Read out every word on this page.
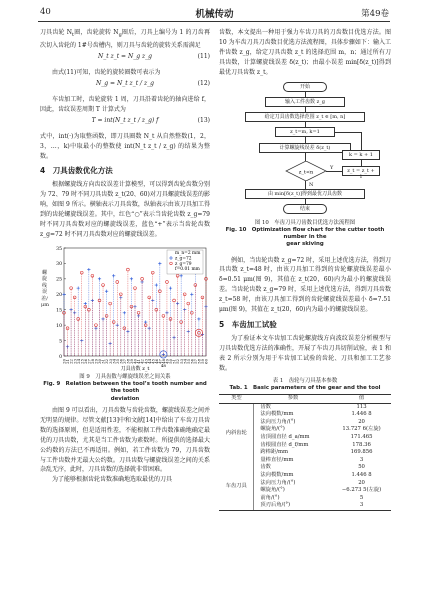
40	机械传动	第49卷

刀具齿轮 $N_t$圈，齿轮旋转 $N_g$圈后，刀具上编号为 1 的刀齿再次切入齿轮的 1#号齿槽内，则刀具与齿轮的旋转关系需满足

N_t z_t = N_g z_g	(11)

由式(11)可知，齿轮的旋转圈数可表示为

N_g = N_t z_t / z_g	(12)

车齿加工时，齿轮旋转 1 周，刀具沿着齿轮的轴向进给 f，因此，齿纹误差周期 T 计算式为

T = int(N_t z_t / z_g) f	(13)

式中，int(·)为取整函数，即刀具圈数 N_t 从自然整数(1，2，3，…，k)中取最小的整数使 int(N_t z_t / z_g) 的结果为整数。

4　刀具齿数优化方法

根据螺旋线方向齿纹误差计算模型，可以得到齿轮齿数分别为 72、79 时不同刀具齿数 z_t(20、60)对刀具螺旋线误差的影响，如图 9 所示。横轴表示刀具齿数，纵轴表示由该刀具加工得到的齿轮螺旋线误差。其中，红色“○”表示当齿轮齿数 z_g=79 时不同刀具齿数对应的螺旋线误差，蓝色“+”表示当齿轮齿数 z_g=72 时不同刀具齿数对应的螺旋线误差。

0
5
10
15
20
25
30
35
20
21
22
23
24
25
26
27
28
29
30
31
32
33
34
35
36
37
38
39
40
41
42
43
44
45
46
47
48
49
50
51
52
53
54
55
56
57
58
59
60
刀具齿数 z_t
48
m_n=2 mm
z_g=72
z_g=79
f=0.01 mm
螺旋线误差/μm
图 9　刀具齿数与螺旋线误差之间关系
Fig. 9　Relation between the tool’s tooth number and the tooth
deviation

由图 9 可以看出，刀具齿数与齿轮齿数，螺旋线误差之间并无明显的规律。尽管文献[13]中和文献[14]中给出了车齿刀具齿数的选择原则，但是适用性差，不能根据工件齿数准确地确定最优的刀具齿数，尤其是当工件齿数为素数时。所提供的选择最大公约数的方法已不再适用。例如，若工件齿数为 79，刀具齿数与工件齿数并无最大公约数。刀具齿数与螺旋线误差之间的关系杂乱无序，此时，刀具齿数的选择就非常困难。

为了能够根据齿轮齿数准确地选取最优的刀具

齿数，本文提出一种用于强力车齿刀具的刀齿数目优选方法。图 10 为车齿刀具刀齿数目优选方法流程图，具体步骤如下：输入工件齿数 z_g，给定刀具齿数 z_t 的选择范围 m，n；通过所有刀具齿数，计算螺旋线误差 δ(z_t)；由最小误差 min[δ(z_t)]得到最优刀具齿数 z_t。

开始
输入工件齿数 z_g
给定刀具齿数选择范围 z_t ∈ [m, n]
z_t=m, k=1
计算螺旋线误差 δ(z_t)
z_t<n
Y	z_t = z_t + 1
k = k + 1
N
由 min[δ(z_t)]得到最优刀具齿数
结束
图 10　车齿刀具刀齿数目优选方法流程图
Fig. 10　Optimization flow chart for the cutter tooth number in the
gear skiving

例如，当齿轮齿数 z_g=72 时，采用上述优选方法，得到刀具齿数 z_t=48 时，由该刀具加工得到的齿轮螺旋线误差最小 δ=0.51 μm(图 9)，其值在 z_t(20，60)内为最小的螺旋线误差。当齿轮齿数 z_g=79 时，采用上述优选方法，得到刀具齿数 z_t=58 时，由该刀具加工得到的齿轮螺旋线误差最小 δ=7.51 μm(图 9)，其值在 z_t(20，60)内为最小的螺旋线误差。

5　车齿加工试验

为了验证本文车齿加工齿轮螺旋线方向波纹误差分析模型与刀具齿数优选方法的准确性，开展了车齿刀具切削试验，表 1 和表 2 所示分别为用于车齿加工试验的齿轮、刀具和加工工艺参数。

表 1　齿轮与刀具基本参数
Tab. 1　Basic parameters of the gear and the tool
类型	参数	值
内斜齿轮	齿数	113
	法向模数/mm	1.446 8
	法向压力角/(°)	20
	螺旋角/(°)	13.727 6(左旋)
	齿顶圆直径 d_a/mm	171.465
	齿根圆直径 d_f/mm	178.36
	跨棒距/mm	169.856
	量棒直径/mm	3
车齿刀具	齿数	50
	法向模数/mm	1.446 8
	法向压力角/(°)	20
	螺旋角/(°)	−6.273 5(左旋)
	前角/(°)	5
	顶刃后角/(°)	3
